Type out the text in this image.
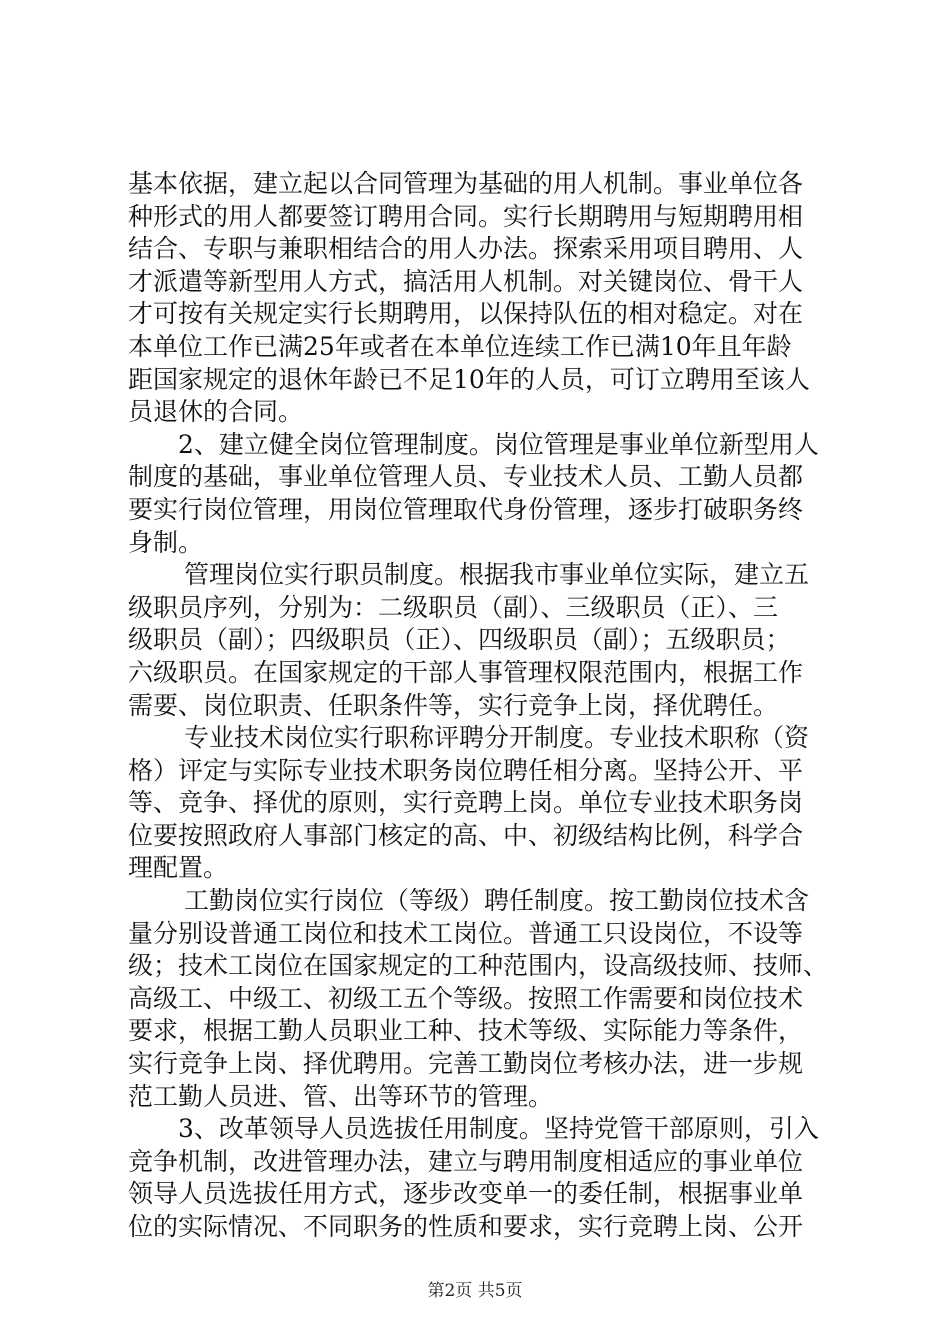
基本依据，建立起以合同管理为基础的用人机制。事业单位各
种形式的用人都要签订聘用合同。实行长期聘用与短期聘用相
结合、专职与兼职相结合的用人办法。探索采用项目聘用、人
才派遣等新型用人方式，搞活用人机制。对关键岗位、骨干人
才可按有关规定实行长期聘用，以保持队伍的相对稳定。对在
本单位工作已满25年或者在本单位连续工作已满10年且年龄
距国家规定的退休年龄已不足10年的人员，可订立聘用至该人
员退休的合同。
2、建立健全岗位管理制度。岗位管理是事业单位新型用人
制度的基础，事业单位管理人员、专业技术人员、工勤人员都
要实行岗位管理，用岗位管理取代身份管理，逐步打破职务终
身制。
管理岗位实行职员制度。根据我市事业单位实际，建立五
级职员序列，分别为：二级职员（副）、三级职员（正）、三
级职员（副）；四级职员（正）、四级职员（副）；五级职员；
六级职员。在国家规定的干部人事管理权限范围内，根据工作
需要、岗位职责、任职条件等，实行竞争上岗，择优聘任。
专业技术岗位实行职称评聘分开制度。专业技术职称（资
格）评定与实际专业技术职务岗位聘任相分离。坚持公开、平
等、竞争、择优的原则，实行竞聘上岗。单位专业技术职务岗
位要按照政府人事部门核定的高、中、初级结构比例，科学合
理配置。
工勤岗位实行岗位（等级）聘任制度。按工勤岗位技术含
量分别设普通工岗位和技术工岗位。普通工只设岗位，不设等
级；技术工岗位在国家规定的工种范围内，设高级技师、技师、
高级工、中级工、初级工五个等级。按照工作需要和岗位技术
要求，根据工勤人员职业工种、技术等级、实际能力等条件，
实行竞争上岗、择优聘用。完善工勤岗位考核办法，进一步规
范工勤人员进、管、出等环节的管理。
3、改革领导人员选拔任用制度。坚持党管干部原则，引入
竞争机制，改进管理办法，建立与聘用制度相适应的事业单位
领导人员选拔任用方式，逐步改变单一的委任制，根据事业单
位的实际情况、不同职务的性质和要求，实行竞聘上岗、公开
第2页 共5页
